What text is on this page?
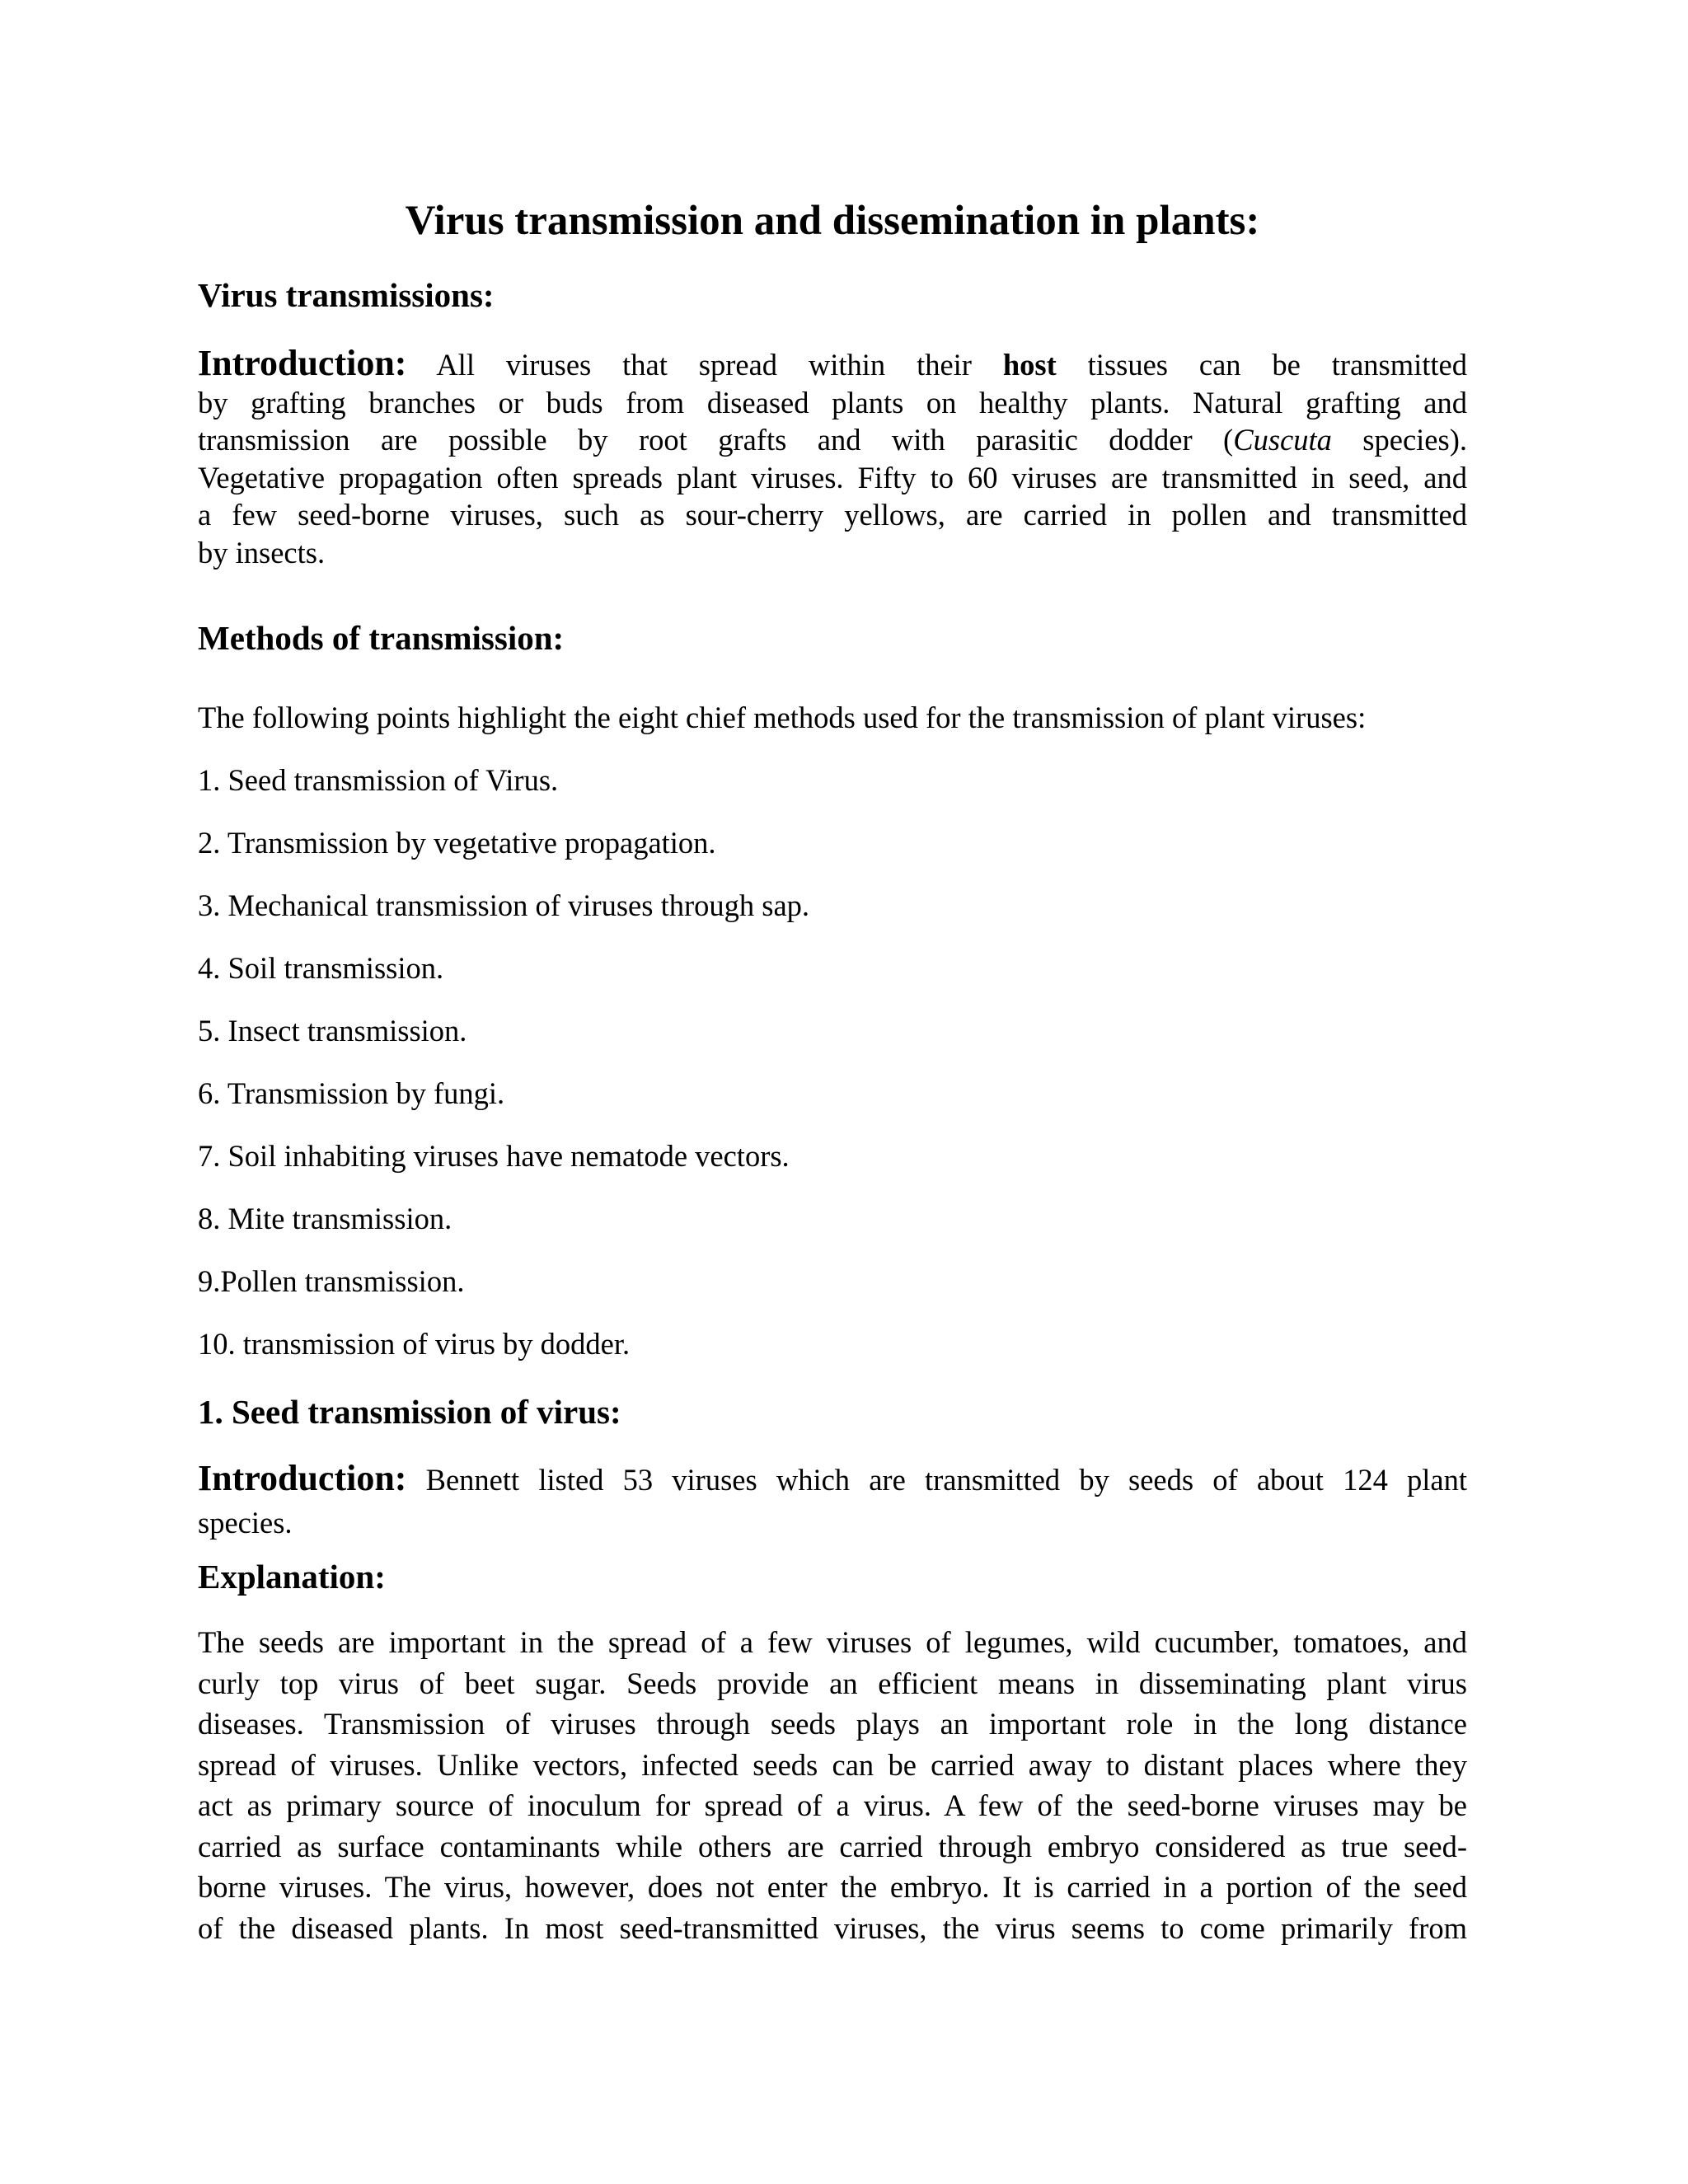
Virus transmission and dissemination in plants:
Virus transmissions:
Introduction: All viruses that spread within their host tissues can be transmitted
by grafting branches or buds from diseased plants on healthy plants. Natural grafting and
transmission are possible by root grafts and with parasitic dodder (Cuscuta species).
Vegetative propagation often spreads plant viruses. Fifty to 60 viruses are transmitted in seed, and
a few seed-borne viruses, such as sour-cherry yellows, are carried in pollen and transmitted
by insects.
Methods of transmission:

The following points highlight the eight chief methods used for the transmission of plant viruses:

1. Seed transmission of Virus.

2. Transmission by vegetative propagation.

3. Mechanical transmission of viruses through sap.

4. Soil transmission.

5. Insect transmission.

6. Transmission by fungi.

7. Soil inhabiting viruses have nematode vectors.

8. Mite transmission.

9.Pollen transmission.

10. transmission of virus by dodder.

1. Seed transmission of virus:
Introduction: Bennett listed 53 viruses which are transmitted by seeds of about 124 plant
species.
Explanation:
The seeds are important in the spread of a few viruses of legumes, wild cucumber, tomatoes, and
curly top virus of beet sugar. Seeds provide an efficient means in disseminating plant virus
diseases. Transmission of viruses through seeds plays an important role in the long distance
spread of viruses. Unlike vectors, infected seeds can be carried away to distant places where they
act as primary source of inoculum for spread of a virus. A few of the seed-borne viruses may be
carried as surface contaminants while others are carried through embryo considered as true seed-
borne viruses. The virus, however, does not enter the embryo. It is carried in a portion of the seed
of the diseased plants. In most seed-transmitted viruses, the virus seems to come primarily from
